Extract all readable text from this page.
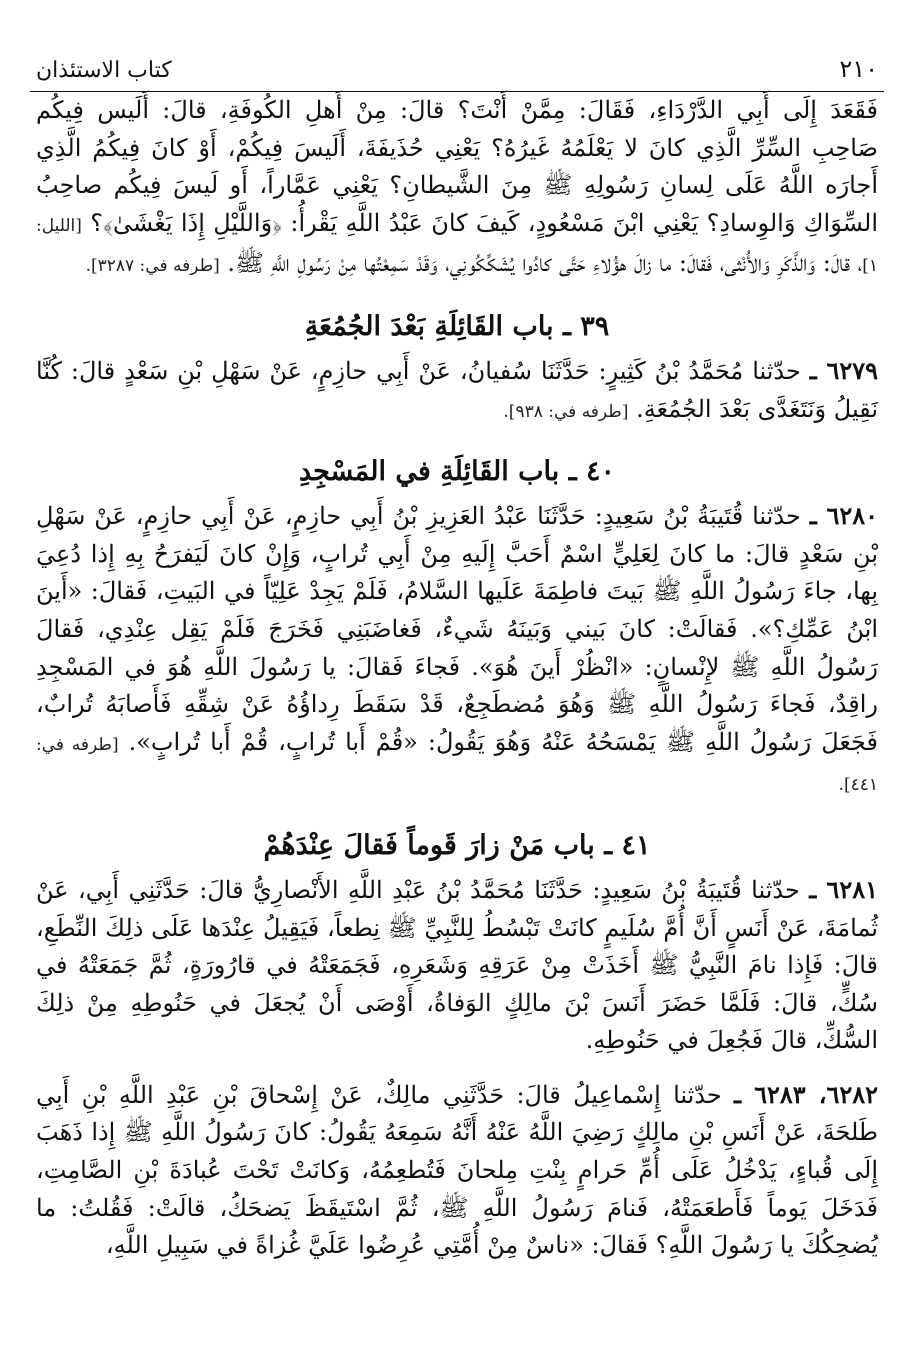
٢١٠
كتاب الاستئذان

فَقَعَدَ إِلَى أَبِي الدَّرْدَاءِ، فَقَالَ: مِمَّنْ أَنْتَ؟ قالَ: مِنْ أَهلِ الكُوفَةِ، قالَ: أَلَيس فِيكُم صَاحِبِ السِّرِّ الَّذِي كانَ لا يَعْلَمُهُ غَيرُهُ؟ يَعْنِي حُذَيفَةَ، أَلَيسَ فِيكُمْ، أَوْ كانَ فِيكُمُ الَّذِي أَجارَه اللَّهُ عَلَى لِسانِ رَسُولِهِ ﷺ مِنَ الشَّيطانِ؟ يَعْنِي عَمَّاراً، أَو لَيسَ فِيكُم صاحِبُ السِّوَاكِ وَالوِسادِ؟ يَعْنِي ابْنَ مَسْعُودٍ، كَيفَ كانَ عَبْدُ اللَّهِ يَقْرأُ: ﴿وَاللَّيْلِ إِذَا يَغْشَىٰ﴾؟ [الليل: ١]، قالَ: وَالذَّكَرِ وَالأُنْثى، فَقالَ: ما زالَ هؤُلاءِ حَتَّى كادُوا يُشَكِّكُونِي، وَقَدْ سَمِعْتُها مِنْ رَسُولِ اللَّهِ ﷺ. [طرفه في: ٣٢٨٧].

٣٩ ـ باب القَائِلَةِ بَعْدَ الجُمُعَةِ

٦٢٧٩ ـ حدّثنا مُحَمَّدُ بْنُ كَثِيرٍ: حَدَّثَنَا سُفيانُ، عَنْ أَبِي حازِمٍ، عَنْ سَهْلِ بْنِ سَعْدٍ قالَ: كُنَّا نَقِيلُ وَنَتَغَدَّى بَعْدَ الجُمُعَةِ. [طرفه في: ٩٣٨].

٤٠ ـ باب القَائِلَةِ في المَسْجِدِ

٦٢٨٠ ـ حدّثنا قُتَيبَةُ بْنُ سَعِيدٍ: حَدَّثَنَا عَبْدُ العَزِيزِ بْنُ أَبِي حازِمٍ، عَنْ أَبِي حازِمٍ، عَنْ سَهْلِ بْنِ سَعْدٍ قالَ: ما كانَ لِعَلِيٍّ اسْمٌ أَحَبَّ إِلَيهِ مِنْ أَبِي تُرابٍ، وَإِنْ كانَ لَيَفرَحُ بِهِ إِذا دُعِيَ بِها، جاءَ رَسُولُ اللَّهِ ﷺ بَيتَ فاطِمَةَ عَلَيها السَّلامُ، فَلَمْ يَجِدْ عَلِيّاً في البَيتِ، فَقالَ: «أَينَ ابْنُ عَمِّكِ؟». فَقالَتْ: كانَ بَيني وَبَينَهُ شَيءٌ، فَغاضَبَنِي فَخَرَجَ فَلَمْ يَقِل عِنْدِي، فَقالَ رَسُولُ اللَّهِ ﷺ لإِنْسانٍ: «انْظُرْ أَينَ هُوَ». فَجاءَ فَقالَ: يا رَسُولَ اللَّهِ هُوَ في المَسْجِدِ راقِدٌ، فَجاءَ رَسُولُ اللَّهِ ﷺ وَهُوَ مُضطَجِعٌ، قَدْ سَقَطَ رِداؤُهُ عَنْ شِقِّهِ فَأَصابَهُ تُرابٌ، فَجَعَلَ رَسُولُ اللَّهِ ﷺ يَمْسَحُهُ عَنْهُ وَهُوَ يَقُولُ: «قُمْ أَبا تُرابٍ، قُمْ أَبا تُرابٍ». [طرفه في: ٤٤١].

٤١ ـ باب مَنْ زارَ قَوماً فَقالَ عِنْدَهُمْ

٦٢٨١ ـ حدّثنا قُتَيبَةُ بْنُ سَعِيدٍ: حَدَّثَنَا مُحَمَّدُ بْنُ عَبْدِ اللَّهِ الأَنْصارِيُّ قالَ: حَدَّثَنِي أَبِي، عَنْ ثُمامَةَ، عَنْ أَنَسٍ أَنَّ أُمَّ سُلَيمٍ كانَتْ تَبْسُطُ لِلنَّبِيِّ ﷺ نِطعاً، فَيَقِيلُ عِنْدَها عَلَى ذلِكَ النِّطَعِ، قالَ: فَإِذا نامَ النَّبِيُّ ﷺ أَخَذَتْ مِنْ عَرَقِهِ وَشَعَرِهِ، فَجَمَعَتْهُ في قارُورَةٍ، ثُمَّ جَمَعَتْهُ في سُكٍّ، قالَ: فَلَمَّا حَضَرَ أَنَسَ بْنَ مالِكٍ الوَفاةُ، أَوْصَى أَنْ يُجعَلَ في حَنُوطِهِ مِنْ ذلِكَ السُّكِّ، قالَ فَجُعِلَ في حَنُوطِهِ.

٦٢٨٢، ٦٢٨٣ ـ حدّثنا إِسْماعِيلُ قالَ: حَدَّثَنِي مالِكٌ، عَنْ إِسْحاقَ بْنِ عَبْدِ اللَّهِ بْنِ أَبِي طَلحَةَ، عَنْ أَنَسِ بْنِ مالِكٍ رَضِيَ اللَّهُ عَنْهُ أَنَّهُ سَمِعَهُ يَقُولُ: كانَ رَسُولُ اللَّهِ ﷺ إِذا ذَهَبَ إِلَى قُباءٍ، يَدْخُلُ عَلَى أُمِّ حَرامٍ بِنْتِ مِلحانَ فَتُطعِمُهُ، وَكانَتْ تَحْتَ عُبادَةَ بْنِ الصَّامِتِ، فَدَخَلَ يَوماً فَأَطعَمَتْهُ، فَنامَ رَسُولُ اللَّهِ ﷺ، ثُمَّ اسْتَيقَظَ يَضحَكُ، قالَتْ: فَقُلتُ: ما يُضحِكُكَ يا رَسُولَ اللَّهِ؟ فَقالَ: «ناسٌ مِنْ أُمَّتِي عُرِضُوا عَلَيَّ غُزاةً في سَبِيلِ اللَّهِ،
